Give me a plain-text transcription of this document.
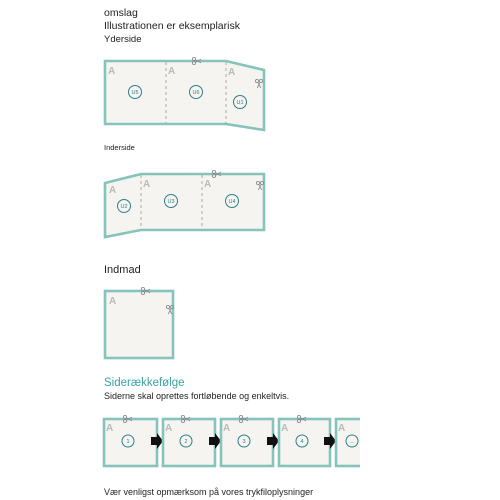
omslag
Illustrationen er eksemplarisk
Yderside
Inderside
Indmad
Siderækkefølge
Siderne skal oprettes fortløbende og enkeltvis.
Vær venligst opmærksom på vores trykfiloplysninger
A	A	A
U5	U6
U1
A
A	A
U2
U3	U4
A
A
1
A
2
A
3
A
4
A
...
